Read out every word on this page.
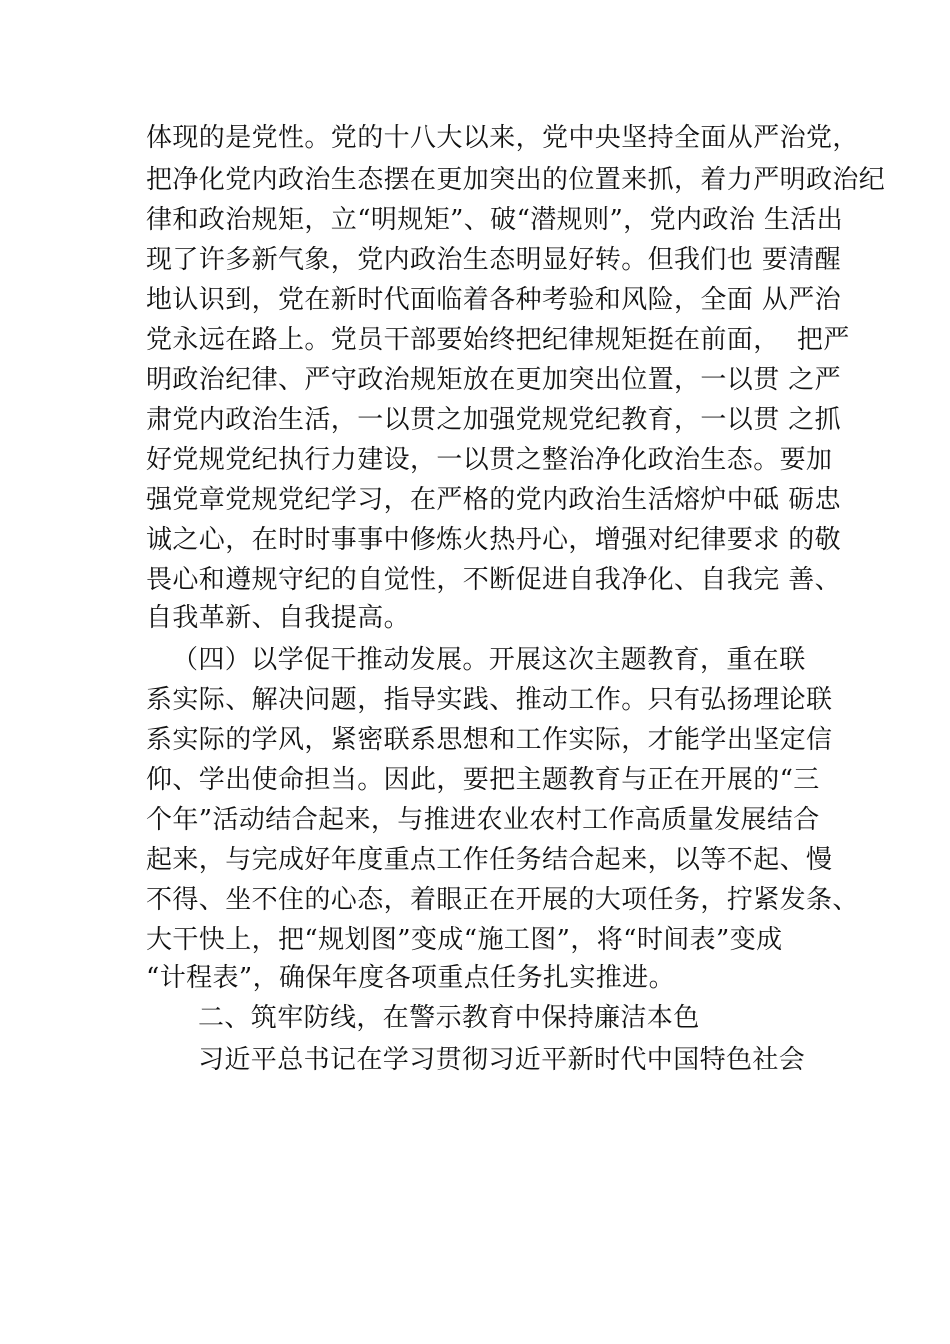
体现的是党性。党的十八大以来，党中央坚持全面从严治党，
把净化党内政治生态摆在更加突出的位置来抓，着力严明政治纪
律和政治规矩，立“明规矩”、破“潜规则”，党内政治 生活出
现了许多新气象，党内政治生态明显好转。但我们也 要清醒
地认识到，党在新时代面临着各种考验和风险，全面 从严治
党永远在路上。党员干部要始终把纪律规矩挺在前面，  把严
明政治纪律、严守政治规矩放在更加突出位置，一以贯 之严
肃党内政治生活，一以贯之加强党规党纪教育，一以贯 之抓
好党规党纪执行力建设，一以贯之整治净化政治生态。要加
强党章党规党纪学习，在严格的党内政治生活熔炉中砥 砺忠
诚之心，在时时事事中修炼火热丹心，增强对纪律要求 的敬
畏心和遵规守纪的自觉性，不断促进自我净化、自我完 善、
自我革新、自我提高。
（四）以学促干推动发展。开展这次主题教育，重在联
系实际、解决问题，指导实践、推动工作。只有弘扬理论联
系实际的学风，紧密联系思想和工作实际，才能学出坚定信
仰、学出使命担当。因此，要把主题教育与正在开展的“三
个年”活动结合起来，与推进农业农村工作高质量发展结合
起来，与完成好年度重点工作任务结合起来，以等不起、慢
不得、坐不住的心态，着眼正在开展的大项任务，拧紧发条、
大干快上，把“规划图”变成“施工图”，将“时间表”变成
“计程表”，确保年度各项重点任务扎实推进。
二、筑牢防线，在警示教育中保持廉洁本色
习近平总书记在学习贯彻习近平新时代中国特色社会
